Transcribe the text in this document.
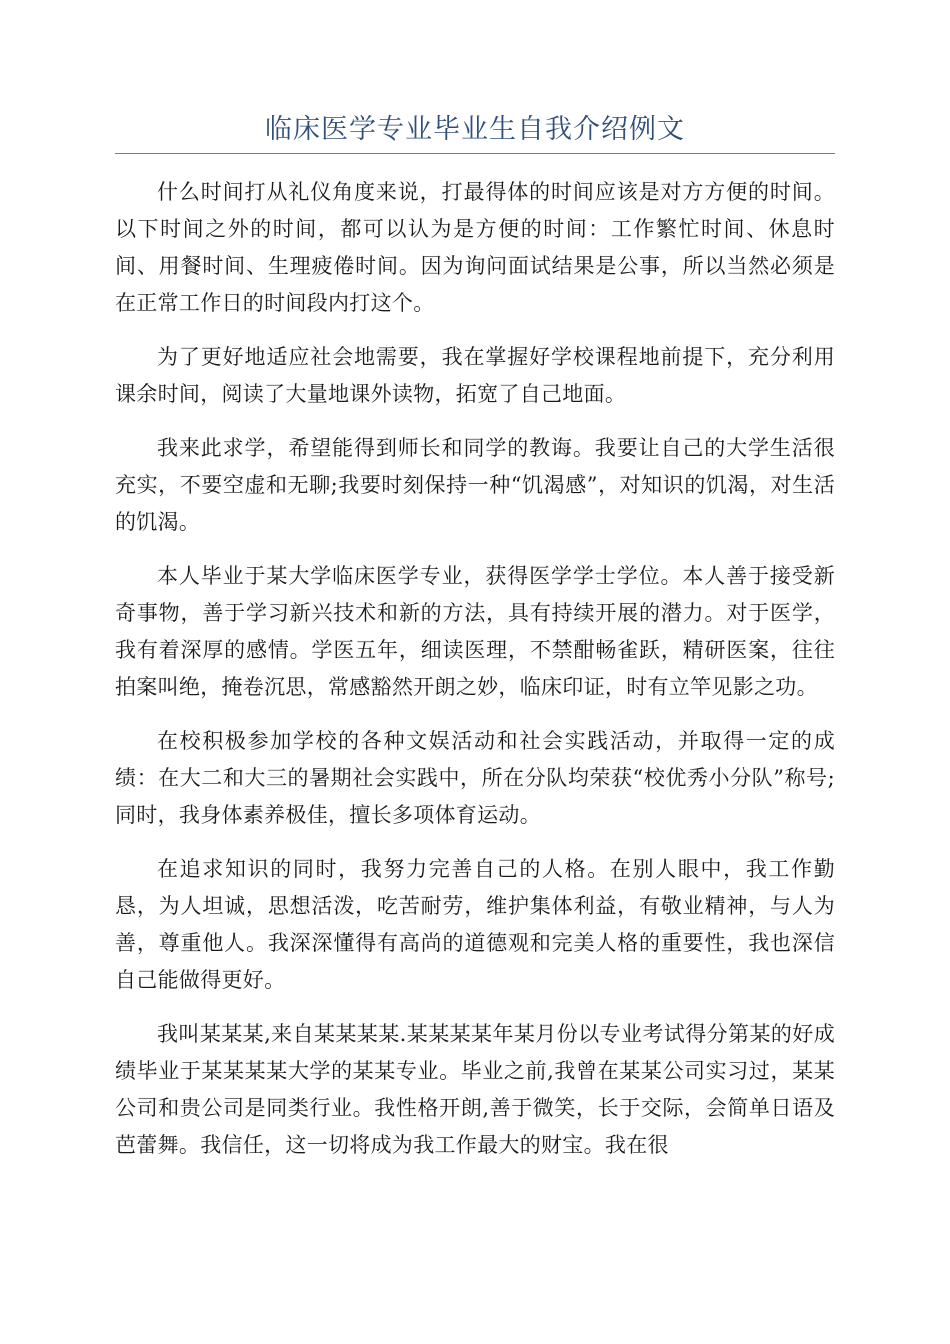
临床医学专业毕业生自我介绍例文

什么时间打从礼仪角度来说，打最得体的时间应该是对方方便的时间。以下时间之外的时间，都可以认为是方便的时间：工作繁忙时间、休息时间、用餐时间、生理疲倦时间。因为询问面试结果是公事，所以当然必须是在正常工作日的时间段内打这个。

为了更好地适应社会地需要，我在掌握好学校课程地前提下，充分利用课余时间，阅读了大量地课外读物，拓宽了自己地面。

我来此求学，希望能得到师长和同学的教诲。我要让自己的大学生活很充实，不要空虚和无聊;我要时刻保持一种“饥渴感”，对知识的饥渴，对生活的饥渴。

本人毕业于某大学临床医学专业，获得医学学士学位。本人善于接受新奇事物，善于学习新兴技术和新的方法，具有持续开展的潜力。对于医学，我有着深厚的感情。学医五年，细读医理，不禁酣畅雀跃，精研医案，往往拍案叫绝，掩卷沉思，常感豁然开朗之妙，临床印证，时有立竿见影之功。

在校积极参加学校的各种文娱活动和社会实践活动，并取得一定的成绩：在大二和大三的暑期社会实践中，所在分队均荣获“校优秀小分队”称号;同时，我身体素养极佳，擅长多项体育运动。

在追求知识的同时，我努力完善自己的人格。在别人眼中，我工作勤恳，为人坦诚，思想活泼，吃苦耐劳，维护集体利益，有敬业精神，与人为善，尊重他人。我深深懂得有高尚的道德观和完美人格的重要性，我也深信自己能做得更好。

我叫某某某,来自某某某某.某某某某年某月份以专业考试得分第某的好成绩毕业于某某某某大学的某某专业。毕业之前,我曾在某某公司实习过，某某公司和贵公司是同类行业。我性格开朗,善于微笑，长于交际，会简单日语及芭蕾舞。我信任，这一切将成为我工作最大的财宝。我在很
